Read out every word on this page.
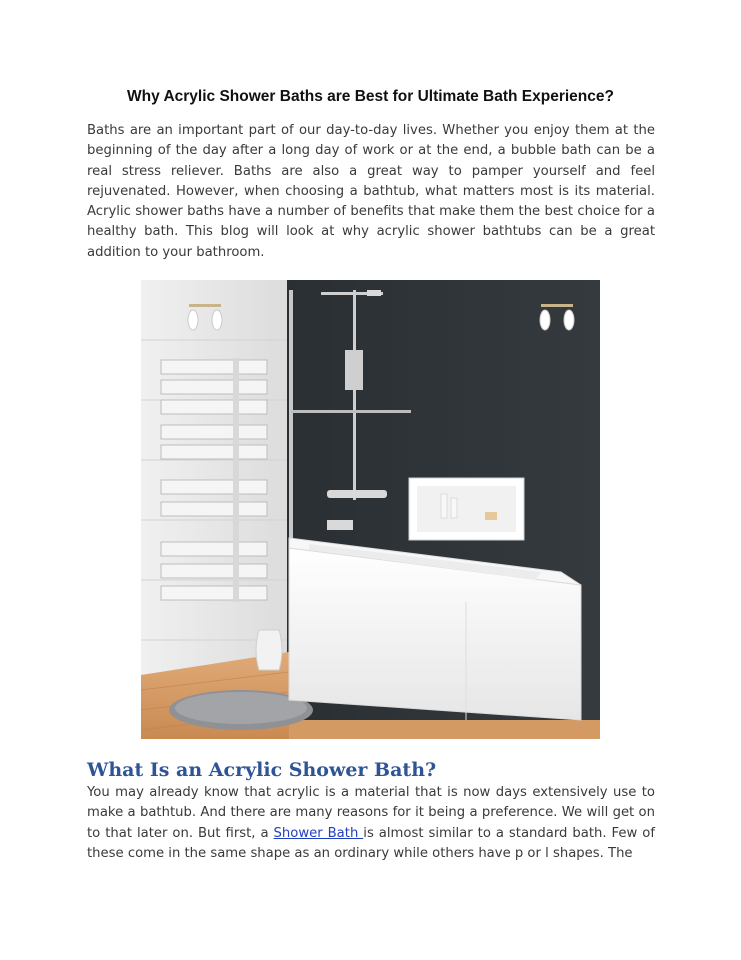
Why Acrylic Shower Baths are Best for Ultimate Bath Experience?

Baths are an important part of our day-to-day lives. Whether you enjoy them at the beginning of the day after a long day of work or at the end, a bubble bath can be a real stress reliever. Baths are also a great way to pamper yourself and feel rejuvenated. However, when choosing a bathtub, what matters most is its material. Acrylic shower baths have a number of benefits that make them the best choice for a healthy bath. This blog will look at why acrylic shower bathtubs can be a great addition to your bathroom.

What Is an Acrylic Shower Bath?

You may already know that acrylic is a material that is now days extensively use to make a bathtub. And there are many reasons for it being a preference. We will get on to that later on. But first, a Shower Bath is almost similar to a standard bath. Few of these come in the same shape as an ordinary while others have p or l shapes. The
